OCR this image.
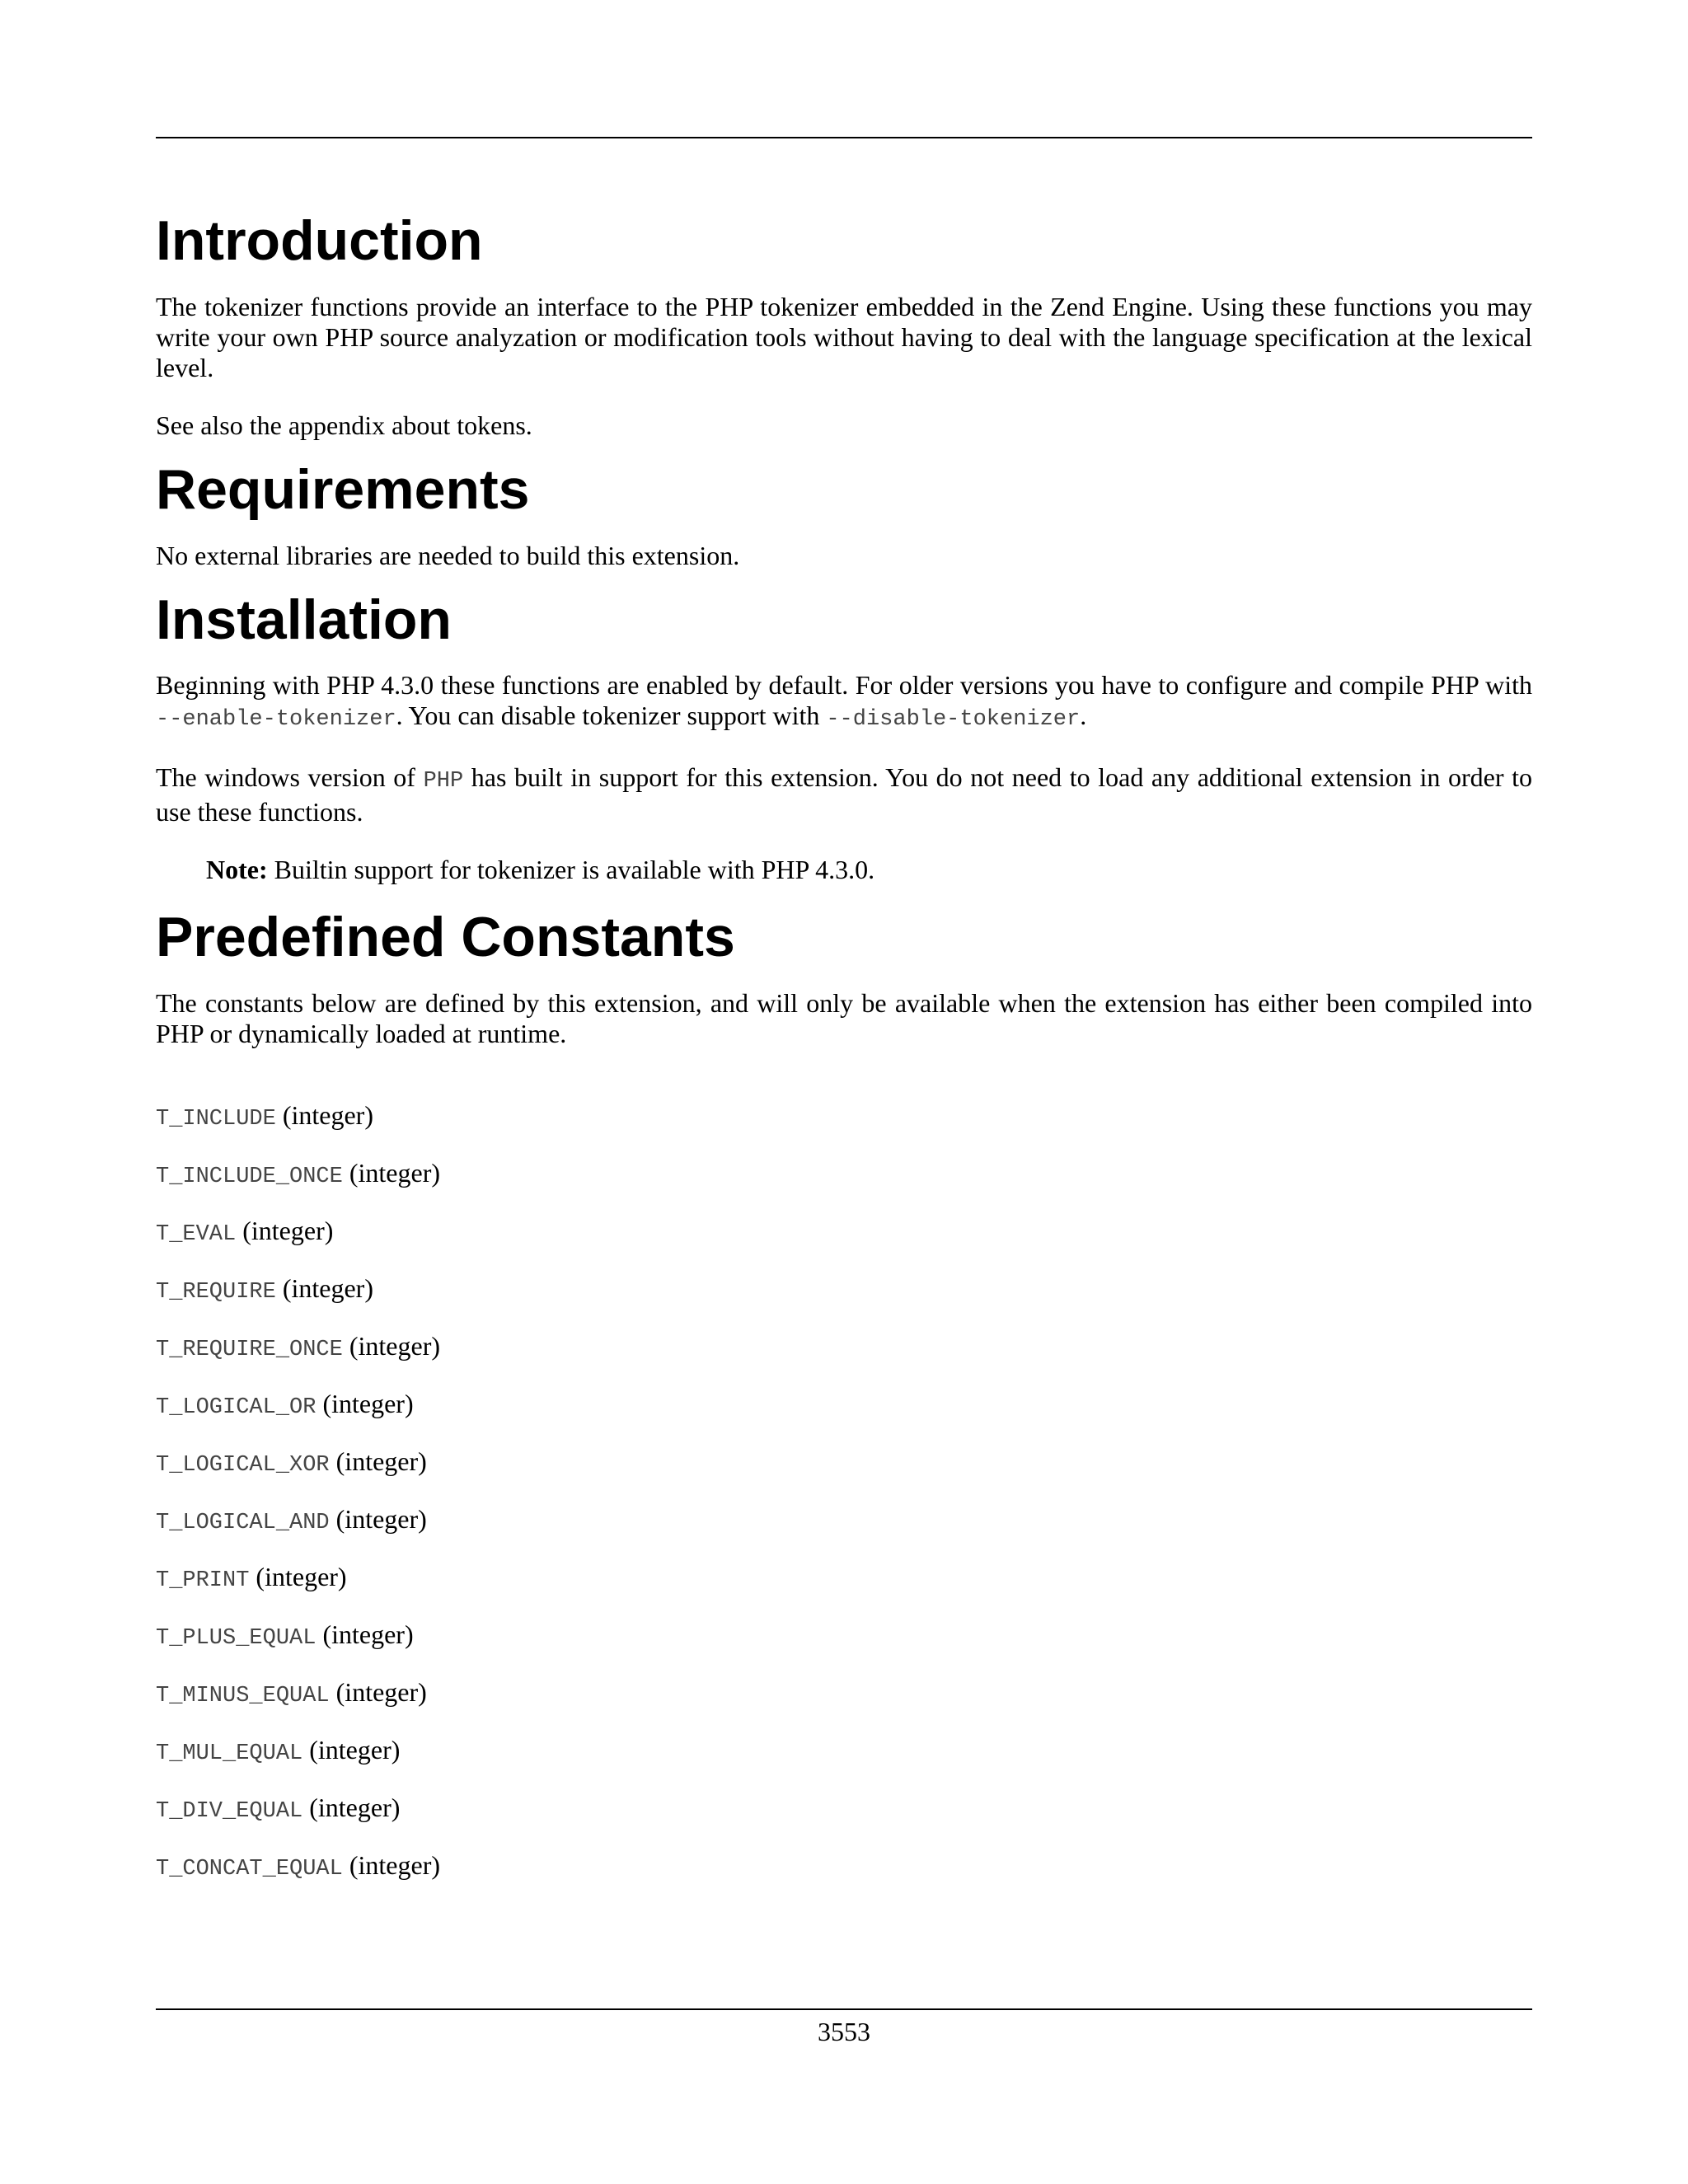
Introduction

The tokenizer functions provide an interface to the PHP tokenizer embedded in the Zend Engine. Using these functions you may write your own PHP source analyzation or modification tools without having to deal with the language specification at the lexical level.

See also the appendix about tokens.

Requirements

No external libraries are needed to build this extension.

Installation

Beginning with PHP 4.3.0 these functions are enabled by default. For older versions you have to configure and compile PHP with --enable-tokenizer. You can disable tokenizer support with --disable-tokenizer.

The windows version of PHP has built in support for this extension. You do not need to load any additional extension in order to use these functions.

Note: Builtin support for tokenizer is available with PHP 4.3.0.

Predefined Constants

The constants below are defined by this extension, and will only be available when the extension has either been compiled into PHP or dynamically loaded at runtime.

T_INCLUDE (integer)
T_INCLUDE_ONCE (integer)
T_EVAL (integer)
T_REQUIRE (integer)
T_REQUIRE_ONCE (integer)
T_LOGICAL_OR (integer)
T_LOGICAL_XOR (integer)
T_LOGICAL_AND (integer)
T_PRINT (integer)
T_PLUS_EQUAL (integer)
T_MINUS_EQUAL (integer)
T_MUL_EQUAL (integer)
T_DIV_EQUAL (integer)
T_CONCAT_EQUAL (integer)
3553
